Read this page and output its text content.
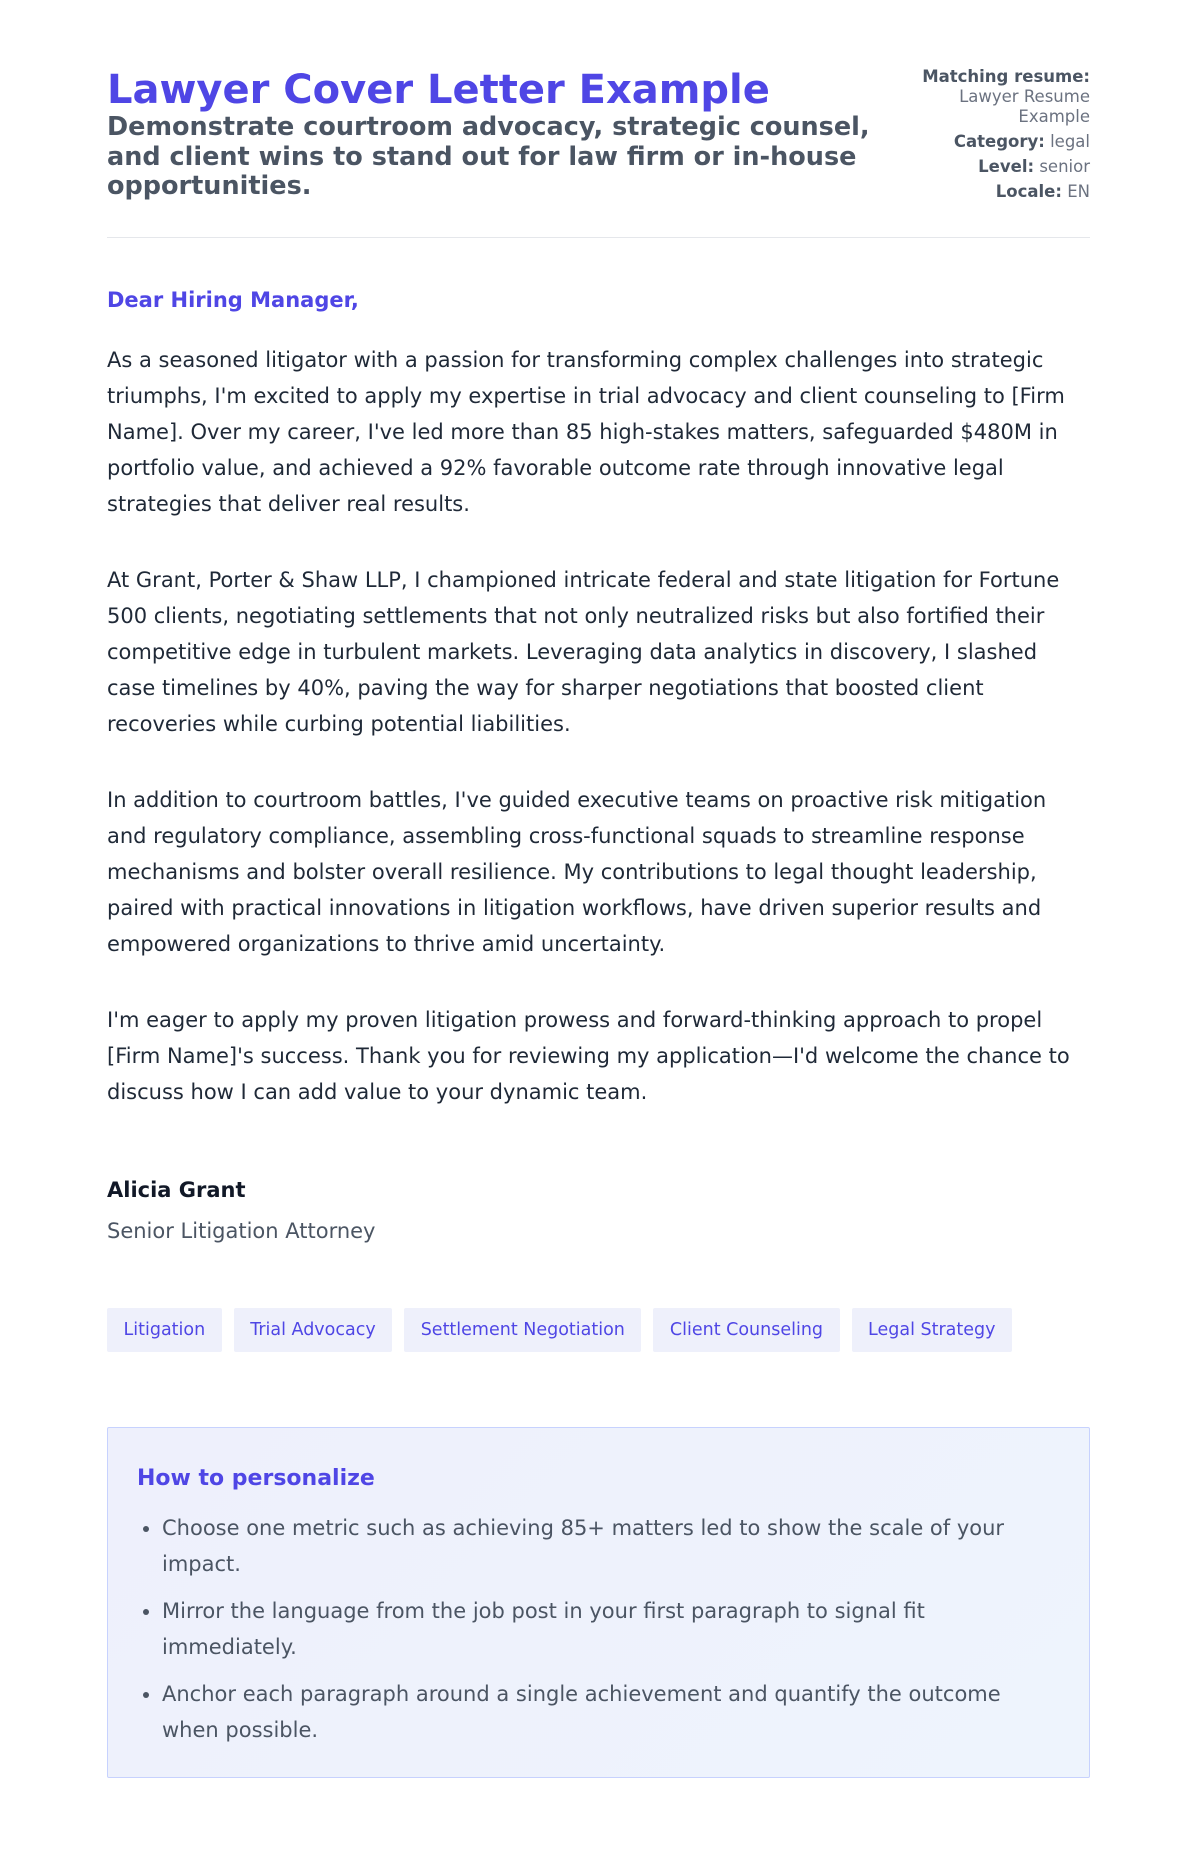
Lawyer Cover Letter Example

Demonstrate courtroom advocacy, strategic counsel, and client wins to stand out for law firm or in-house opportunities.

Matching resume:
Lawyer Resume Example
Category: legal
Level: senior
Locale: EN

Dear Hiring Manager,

As a seasoned litigator with a passion for transforming complex challenges into strategic triumphs, I'm excited to apply my expertise in trial advocacy and client counseling to [Firm Name]. Over my career, I've led more than 85 high-stakes matters, safeguarded $480M in portfolio value, and achieved a 92% favorable outcome rate through innovative legal strategies that deliver real results.

At Grant, Porter & Shaw LLP, I championed intricate federal and state litigation for Fortune 500 clients, negotiating settlements that not only neutralized risks but also fortified their competitive edge in turbulent markets. Leveraging data analytics in discovery, I slashed case timelines by 40%, paving the way for sharper negotiations that boosted client recoveries while curbing potential liabilities.

In addition to courtroom battles, I've guided executive teams on proactive risk mitigation and regulatory compliance, assembling cross-functional squads to streamline response mechanisms and bolster overall resilience. My contributions to legal thought leadership, paired with practical innovations in litigation workflows, have driven superior results and empowered organizations to thrive amid uncertainty.

I'm eager to apply my proven litigation prowess and forward-thinking approach to propel [Firm Name]'s success. Thank you for reviewing my application—I'd welcome the chance to discuss how I can add value to your dynamic team.

Alicia Grant

Senior Litigation Attorney

Litigation	Trial Advocacy	Settlement Negotiation	Client Counseling	Legal Strategy
How to personalize
• Choose one metric such as achieving 85+ matters led to show the scale of your impact.
• Mirror the language from the job post in your first paragraph to signal fit immediately.
• Anchor each paragraph around a single achievement and quantify the outcome when possible.
